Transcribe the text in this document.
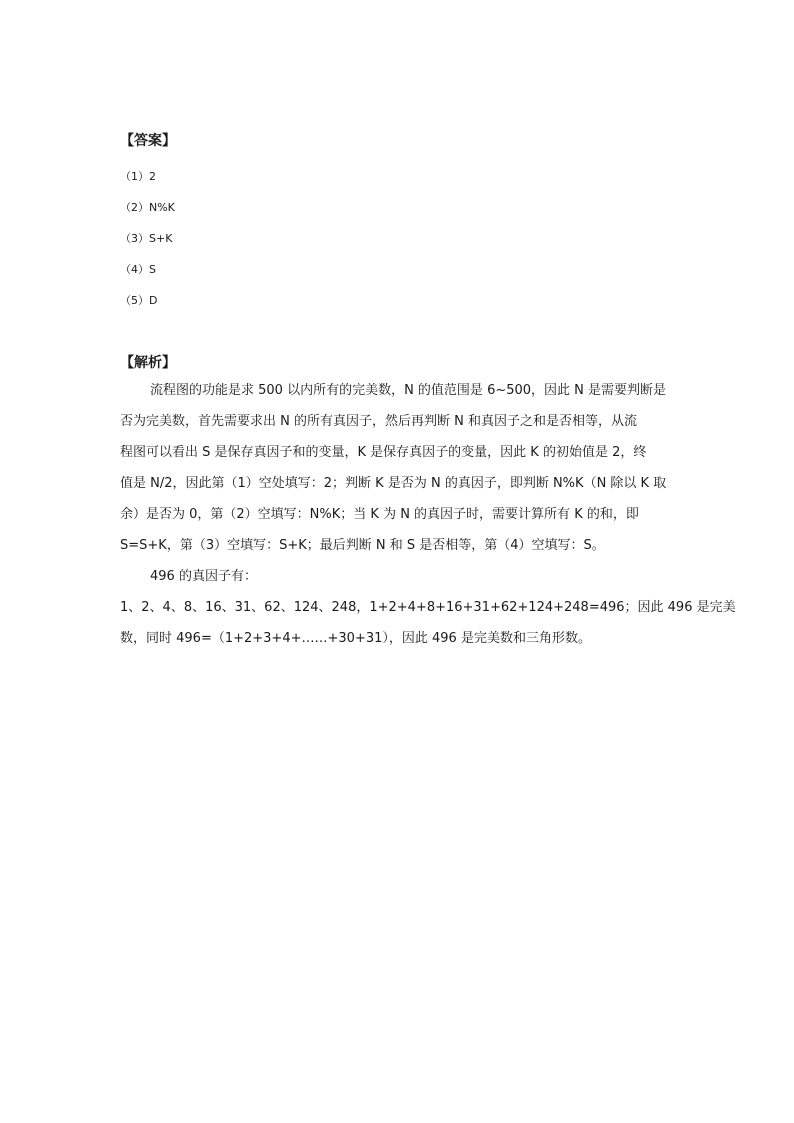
【答案】
（1）2
（2）N%K
（3）S+K
（4）S
（5）D
【解析】
流程图的功能是求 500 以内所有的完美数，N 的值范围是 6~500，因此 N 是需要判断是
否为完美数，首先需要求出 N 的所有真因子，然后再判断 N 和真因子之和是否相等，从流
程图可以看出 S 是保存真因子和的变量，K 是保存真因子的变量，因此 K 的初始值是 2，终
值是 N/2，因此第（1）空处填写：2；判断 K 是否为 N 的真因子，即判断 N%K（N 除以 K 取
余）是否为 0，第（2）空填写：N%K；当 K 为 N 的真因子时，需要计算所有 K 的和，即
S=S+K，第（3）空填写：S+K；最后判断 N 和 S 是否相等，第（4）空填写：S。
496 的真因子有：
1、2、4、8、16、31、62、124、248，1+2+4+8+16+31+62+124+248=496；因此 496 是完美
数，同时 496=（1+2+3+4+……+30+31），因此 496 是完美数和三角形数。
